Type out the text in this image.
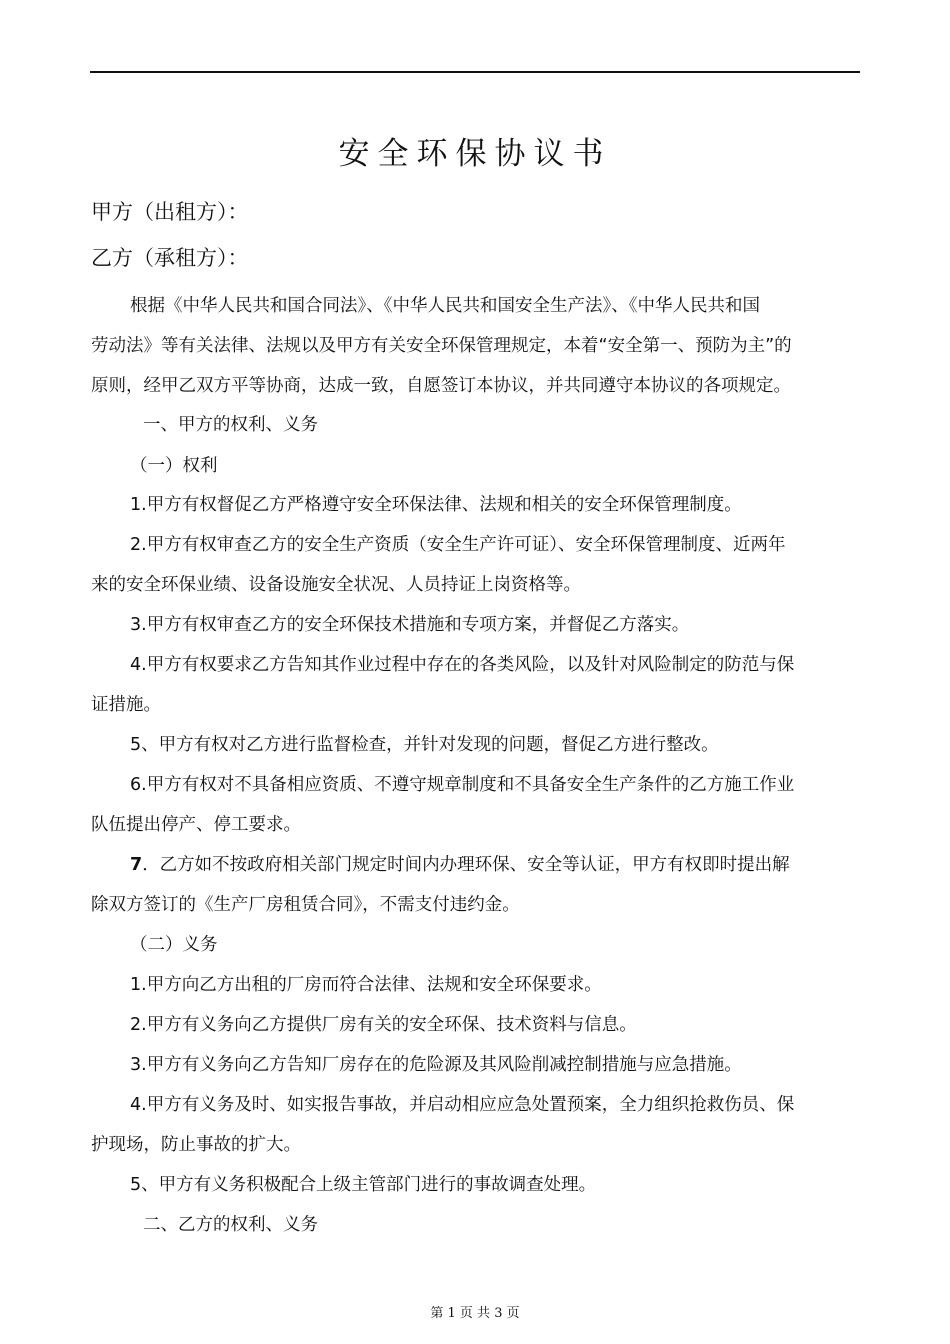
安全环保协议书
甲方（出租方）：
乙方（承租方）：
根据《中华人民共和国合同法》、《中华人民共和国安全生产法》、《中华人民共和国
劳动法》等有关法律、法规以及甲方有关安全环保管理规定，本着“安全第一、预防为主”的
原则，经甲乙双方平等协商，达成一致，自愿签订本协议，并共同遵守本协议的各项规定。
一、甲方的权利、义务
（一）权利
1.甲方有权督促乙方严格遵守安全环保法律、法规和相关的安全环保管理制度。
2.甲方有权审查乙方的安全生产资质（安全生产许可证）、安全环保管理制度、近两年
来的安全环保业绩、设备设施安全状况、人员持证上岗资格等。
3.甲方有权审查乙方的安全环保技术措施和专项方案，并督促乙方落实。
4.甲方有权要求乙方告知其作业过程中存在的各类风险，以及针对风险制定的防范与保
证措施。
5、甲方有权对乙方进行监督检查，并针对发现的问题，督促乙方进行整改。
6.甲方有权对不具备相应资质、不遵守规章制度和不具备安全生产条件的乙方施工作业
队伍提出停产、停工要求。
7．乙方如不按政府相关部门规定时间内办理环保、安全等认证，甲方有权即时提出解
除双方签订的《生产厂房租赁合同》，不需支付违约金。
（二）义务
1.甲方向乙方出租的厂房而符合法律、法规和安全环保要求。
2.甲方有义务向乙方提供厂房有关的安全环保、技术资料与信息。
3.甲方有义务向乙方告知厂房存在的危险源及其风险削减控制措施与应急措施。
4.甲方有义务及时、如实报告事故，并启动相应应急处置预案，全力组织抢救伤员、保
护现场，防止事故的扩大。
5、甲方有义务积极配合上级主管部门进行的事故调查处理。
二、乙方的权利、义务
第 1 页 共 3 页
